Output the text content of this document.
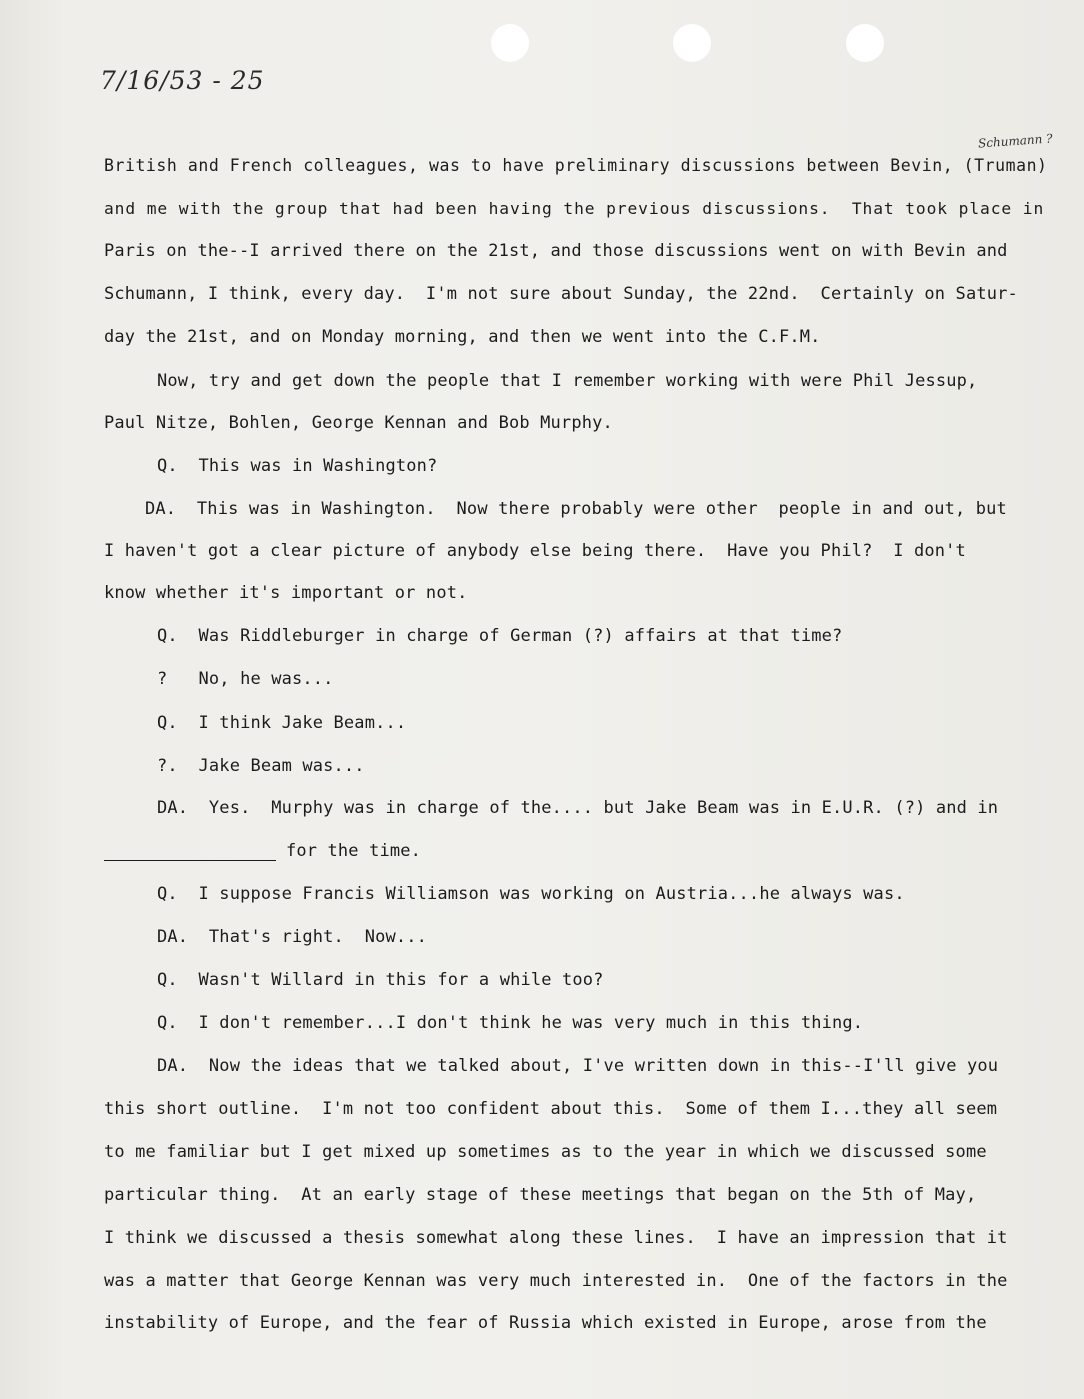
7/16/53 - 25
Schumann ?
British and French colleagues, was to have preliminary discussions between Bevin, (Truman)
and me with the group that had been having the previous discussions.  That took place in
Paris on the--I arrived there on the 21st, and those discussions went on with Bevin and
Schumann, I think, every day.  I'm not sure about Sunday, the 22nd.  Certainly on Satur-
day the 21st, and on Monday morning, and then we went into the C.F.M.
Now, try and get down the people that I remember working with were Phil Jessup,
Paul Nitze, Bohlen, George Kennan and Bob Murphy.
Q.  This was in Washington?
DA.  This was in Washington.  Now there probably were other  people in and out, but
I haven't got a clear picture of anybody else being there.  Have you Phil?  I don't
know whether it's important or not.
Q.  Was Riddleburger in charge of German (?) affairs at that time?
?   No, he was...
Q.  I think Jake Beam...
?.  Jake Beam was...
DA.  Yes.  Murphy was in charge of the.... but Jake Beam was in E.U.R. (?) and in
for the time.
Q.  I suppose Francis Williamson was working on Austria...he always was.
DA.  That's right.  Now...
Q.  Wasn't Willard in this for a while too?
Q.  I don't remember...I don't think he was very much in this thing.
DA.  Now the ideas that we talked about, I've written down in this--I'll give you
this short outline.  I'm not too confident about this.  Some of them I...they all seem
to me familiar but I get mixed up sometimes as to the year in which we discussed some
particular thing.  At an early stage of these meetings that began on the 5th of May,
I think we discussed a thesis somewhat along these lines.  I have an impression that it
was a matter that George Kennan was very much interested in.  One of the factors in the
instability of Europe, and the fear of Russia which existed in Europe, arose from the
